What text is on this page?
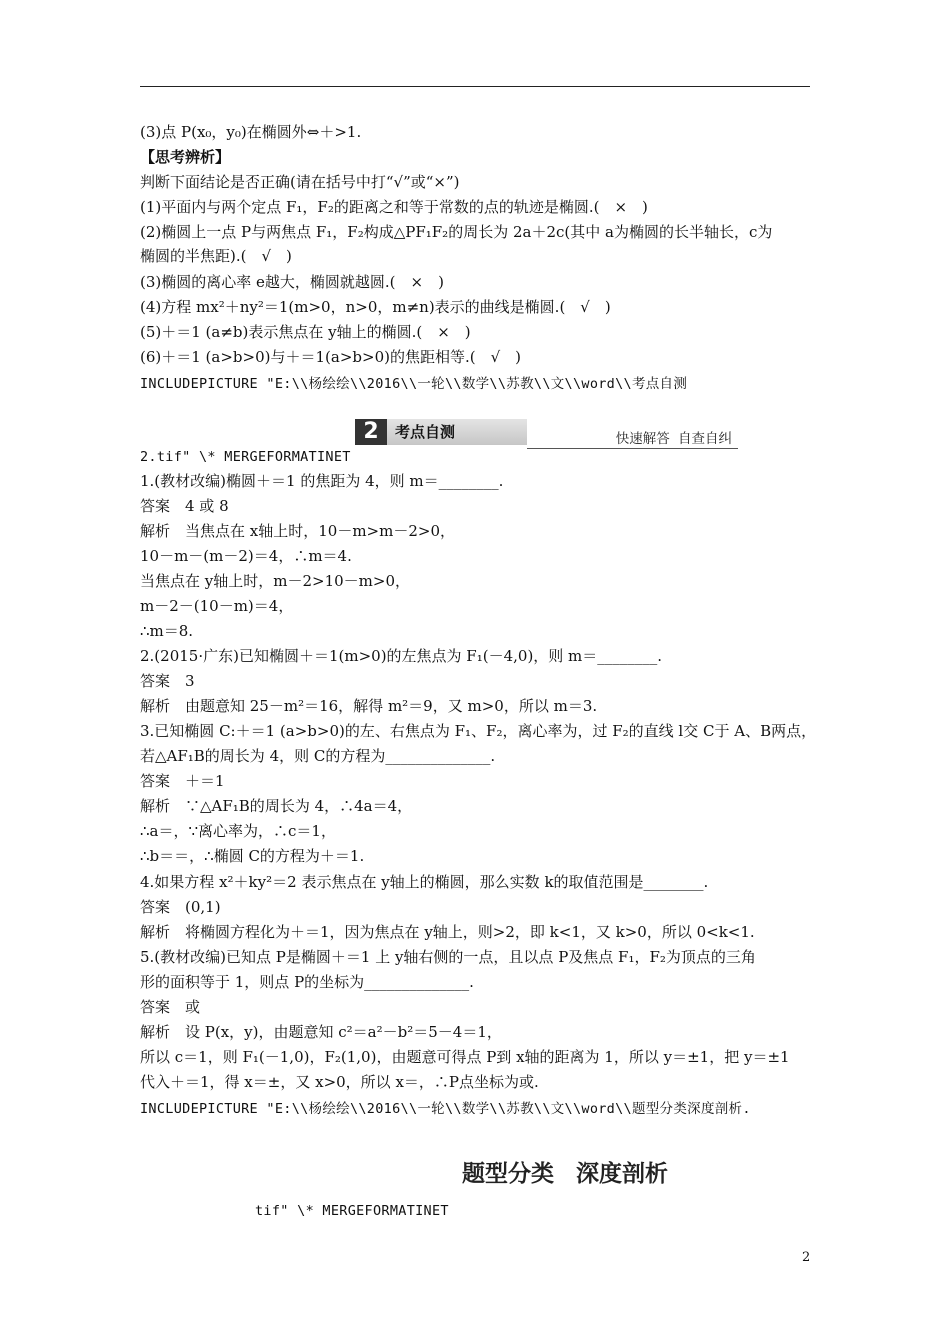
(3)点 P(x₀，y₀)在椭圆外⇔＋>1.
【思考辨析】
判断下面结论是否正确(请在括号中打“√”或“×”)
(1)平面内与两个定点 F₁，F₂的距离之和等于常数的点的轨迹是椭圆.(　×　)
(2)椭圆上一点 P与两焦点 F₁，F₂构成△PF₁F₂的周长为 2a＋2c(其中 a为椭圆的长半轴长，c为
椭圆的半焦距).(　√　)
(3)椭圆的离心率 e越大，椭圆就越圆.(　×　)
(4)方程 mx²＋ny²＝1(m>0，n>0，m≠n)表示的曲线是椭圆.(　√　)
(5)＋＝1 (a≠b)表示焦点在 y轴上的椭圆.(　×　)
(6)＋＝1 (a>b>0)与＋＝1(a>b>0)的焦距相等.(　√　)
INCLUDEPICTURE "E:\\杨绘绘\\2016\\一轮\\数学\\苏教\\文\\word\\考点自测
2	考点自测	快速解答 自查自纠
2.tif" \* MERGEFORMATINET
1.(教材改编)椭圆＋＝1 的焦距为 4，则 m＝________.
答案　4 或 8
解析　当焦点在 x轴上时，10－m>m－2>0，
10－m－(m－2)＝4，∴m＝4.
当焦点在 y轴上时，m－2>10－m>0，
m－2－(10－m)＝4，
∴m＝8.
2.(2015·广东)已知椭圆＋＝1(m>0)的左焦点为 F₁(－4,0)，则 m＝________.
答案　3
解析　由题意知 25－m²＝16，解得 m²＝9，又 m>0，所以 m＝3.
3.已知椭圆 C:＋＝1 (a>b>0)的左、右焦点为 F₁、F₂，离心率为，过 F₂的直线 l交 C于 A、B两点，
若△AF₁B的周长为 4，则 C的方程为______________.
答案　＋＝1
解析　∵△AF₁B的周长为 4，∴4a＝4，
∴a＝，∵离心率为，∴c＝1，
∴b＝＝，∴椭圆 C的方程为＋＝1.
4.如果方程 x²＋ky²＝2 表示焦点在 y轴上的椭圆，那么实数 k的取值范围是________.
答案　(0,1)
解析　将椭圆方程化为＋＝1，因为焦点在 y轴上，则>2，即 k<1，又 k>0，所以 0<k<1.
5.(教材改编)已知点 P是椭圆＋＝1 上 y轴右侧的一点，且以点 P及焦点 F₁，F₂为顶点的三角
形的面积等于 1，则点 P的坐标为______________.
答案　或
解析　设 P(x，y)，由题意知 c²＝a²－b²＝5－4＝1，
所以 c＝1，则 F₁(－1,0)，F₂(1,0)，由题意可得点 P到 x轴的距离为 1，所以 y＝±1，把 y＝±1
代入＋＝1，得 x＝±，又 x>0，所以 x＝，∴P点坐标为或.
INCLUDEPICTURE "E:\\杨绘绘\\2016\\一轮\\数学\\苏教\\文\\word\\题型分类深度剖析.
题型分类 深度剖析
tif" \* MERGEFORMATINET
2
